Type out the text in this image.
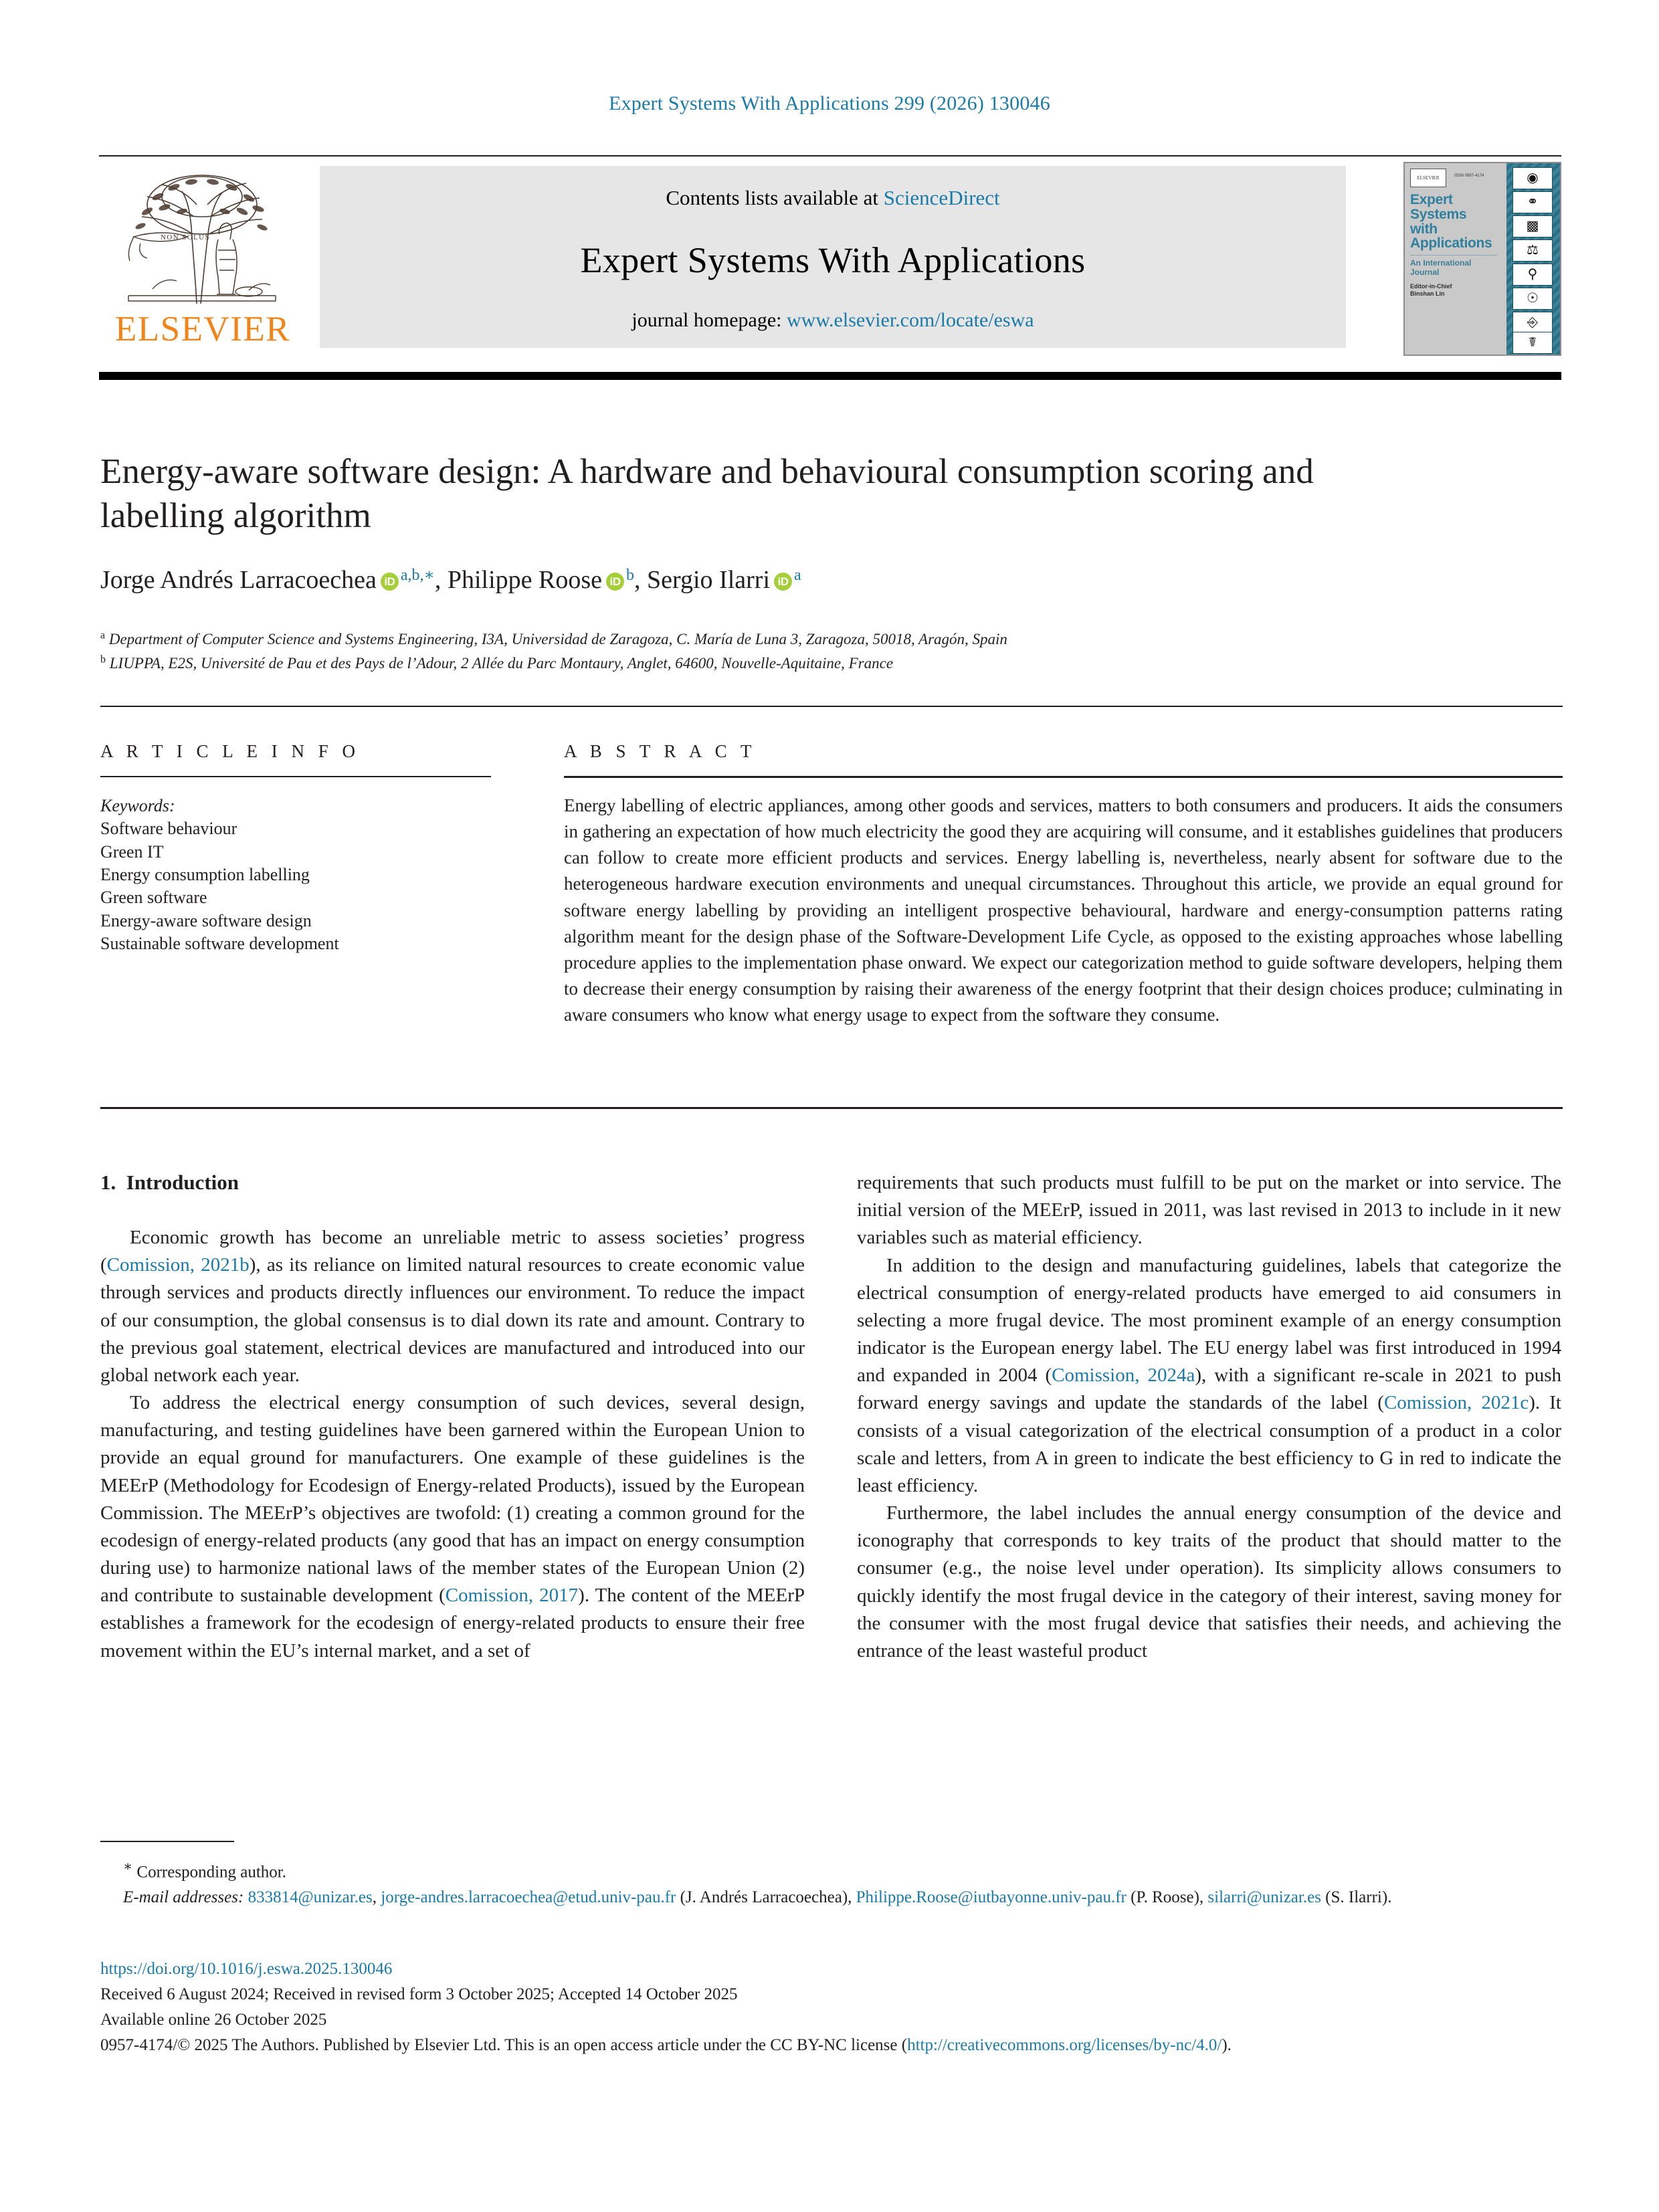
Expert Systems With Applications 299 (2026) 130046
NON SOLUS
ELSEVIER
Contents lists available at ScienceDirect
Expert Systems With Applications
journal homepage: www.elsevier.com/locate/eswa
ELSEVIER	ISSN 0957-4174
Expert
Systems
with
Applications
An International
Journal
Editor-in-Chief
Binshan Lin
◉
⚭
▩
⚖
⚲
☉
⎆
☤
Energy-aware software design: A hardware and behavioural consumption scoring and labelling algorithm
Jorge Andrés Larracoechea iD $^{a,b,∗}$, Philippe Roose iD $^b$, Sergio Ilarri iD $^a$
$^a$ Department of Computer Science and Systems Engineering, I3A, Universidad de Zaragoza, C. María de Luna 3, Zaragoza, 50018, Aragón, Spain
$^b$ LIUPPA, E2S, Université de Pau et des Pays de l’Adour, 2 Allée du Parc Montaury, Anglet, 64600, Nouvelle-Aquitaine, France
A R T I C L E I N F O
Keywords:
Software behaviour
Green IT
Energy consumption labelling
Green software
Energy-aware software design
Sustainable software development
A B S T R A C T
Energy labelling of electric appliances, among other goods and services, matters to both consumers and producers. It aids the consumers in gathering an expectation of how much electricity the good they are acquiring will consume, and it establishes guidelines that producers can follow to create more efficient products and services. Energy labelling is, nevertheless, nearly absent for software due to the heterogeneous hardware execution environments and unequal circumstances. Throughout this article, we provide an equal ground for software energy labelling by providing an intelligent prospective behavioural, hardware and energy-consumption patterns rating algorithm meant for the design phase of the Software-Development Life Cycle, as opposed to the existing approaches whose labelling procedure applies to the implementation phase onward. We expect our categorization method to guide software developers, helping them to decrease their energy consumption by raising their awareness of the energy footprint that their design choices produce; culminating in aware consumers who know what energy usage to expect from the software they consume.
1. Introduction

Economic growth has become an unreliable metric to assess societies’ progress (Comission, 2021b), as its reliance on limited natural resources to create economic value through services and products directly influences our environment. To reduce the impact of our consumption, the global consensus is to dial down its rate and amount. Contrary to the previous goal statement, electrical devices are manufactured and introduced into our global network each year.

To address the electrical energy consumption of such devices, several design, manufacturing, and testing guidelines have been garnered within the European Union to provide an equal ground for manufacturers. One example of these guidelines is the MEErP (Methodology for Ecodesign of Energy-related Products), issued by the European Commission. The MEErP’s objectives are twofold: (1) creating a common ground for the ecodesign of energy-related products (any good that has an impact on energy consumption during use) to harmonize national laws of the member states of the European Union (2) and contribute to sustainable development (Comission, 2017). The content of the MEErP establishes a framework for the ecodesign of energy-related products to ensure their free movement within the EU’s internal market, and a set of

requirements that such products must fulfill to be put on the market or into service. The initial version of the MEErP, issued in 2011, was last revised in 2013 to include in it new variables such as material efficiency.

In addition to the design and manufacturing guidelines, labels that categorize the electrical consumption of energy-related products have emerged to aid consumers in selecting a more frugal device. The most prominent example of an energy consumption indicator is the European energy label. The EU energy label was first introduced in 1994 and expanded in 2004 (Comission, 2024a), with a significant re-scale in 2021 to push forward energy savings and update the standards of the label (Comission, 2021c). It consists of a visual categorization of the electrical consumption of a product in a color scale and letters, from A in green to indicate the best efficiency to G in red to indicate the least efficiency.

Furthermore, the label includes the annual energy consumption of the device and iconography that corresponds to key traits of the product that should matter to the consumer (e.g., the noise level under operation). Its simplicity allows consumers to quickly identify the most frugal device in the category of their interest, saving money for the consumer with the most frugal device that satisfies their needs, and achieving the entrance of the least wasteful product

∗ Corresponding author.
E-mail addresses: 833814@unizar.es, jorge-andres.larracoechea@etud.univ-pau.fr (J. Andrés Larracoechea), Philippe.Roose@iutbayonne.univ-pau.fr (P. Roose), silarri@unizar.es (S. Ilarri).
https://doi.org/10.1016/j.eswa.2025.130046
Received 6 August 2024; Received in revised form 3 October 2025; Accepted 14 October 2025
Available online 26 October 2025
0957-4174/© 2025 The Authors. Published by Elsevier Ltd. This is an open access article under the CC BY-NC license (http://creativecommons.org/licenses/by-nc/4.0/).
